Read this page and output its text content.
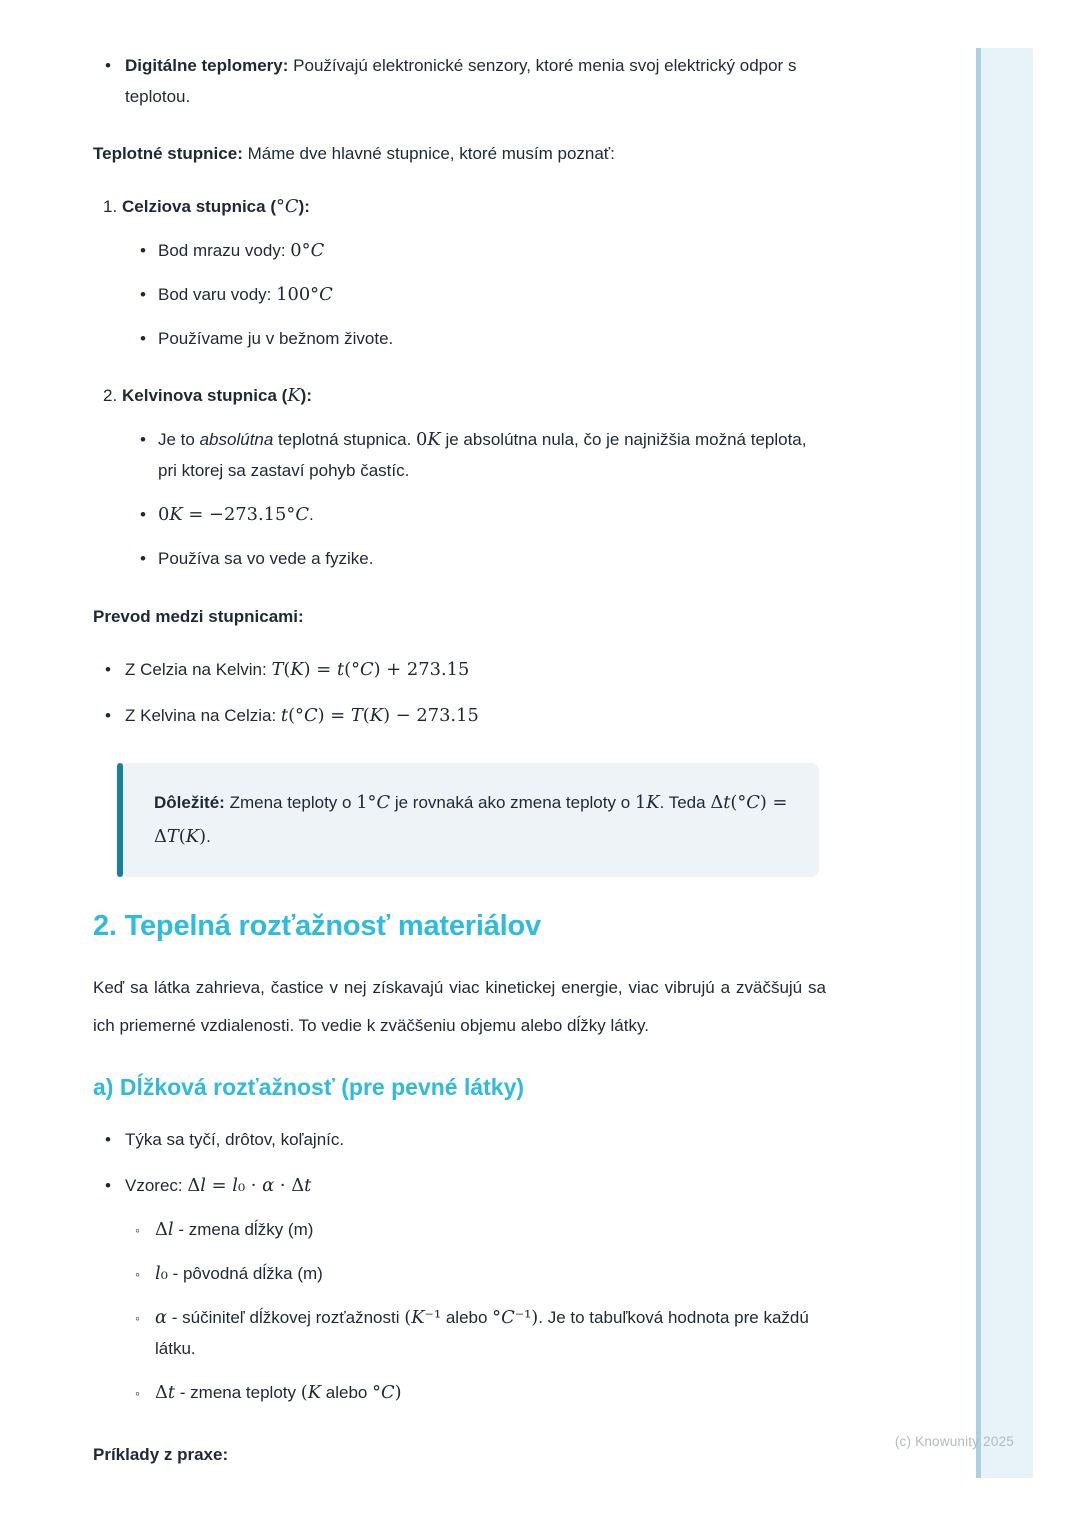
• Digitálne teplomery: Používajú elektronické senzory, ktoré menia svoj elektrický odpor s teplotou.
Teplotné stupnice: Máme dve hlavné stupnice, ktoré musím poznať:
1. Celziova stupnica (°C):
• Bod mrazu vody: 0°C
• Bod varu vody: 100°C
• Používame ju v bežnom živote.
2. Kelvinova stupnica (K):
• Je to absolútna teplotná stupnica. 0K je absolútna nula, čo je najnižšia možná teplota, pri ktorej sa zastaví pohyb častíc.
• 0K = −273.15°C.
• Používa sa vo vede a fyzike.
Prevod medzi stupnicami:
• Z Celzia na Kelvin: T(K) = t(°C) + 273.15
• Z Kelvina na Celzia: t(°C) = T(K) − 273.15
Dôležité: Zmena teploty o 1°C je rovnaká ako zmena teploty o 1K. Teda Δt(°C) = ΔT(K).
2. Tepelná rozťažnosť materiálov
Keď sa látka zahrieva, častice v nej získavajú viac kinetickej energie, viac vibrujú a zväčšujú sa ich priemerné vzdialenosti. To vedie k zväčšeniu objemu alebo dĺžky látky.
a) Dĺžková rozťažnosť (pre pevné látky)
• Týka sa tyčí, drôtov, koľajníc.
• Vzorec: Δl = l₀ · α · Δt
◦ Δl - zmena dĺžky (m)
◦ l₀ - pôvodná dĺžka (m)
◦ α - súčiniteľ dĺžkovej rozťažnosti (K⁻¹ alebo °C⁻¹). Je to tabuľková hodnota pre každú látku.
◦ Δt - zmena teploty (K alebo °C)
Príklady z praxe:
(c) Knowunity 2025
